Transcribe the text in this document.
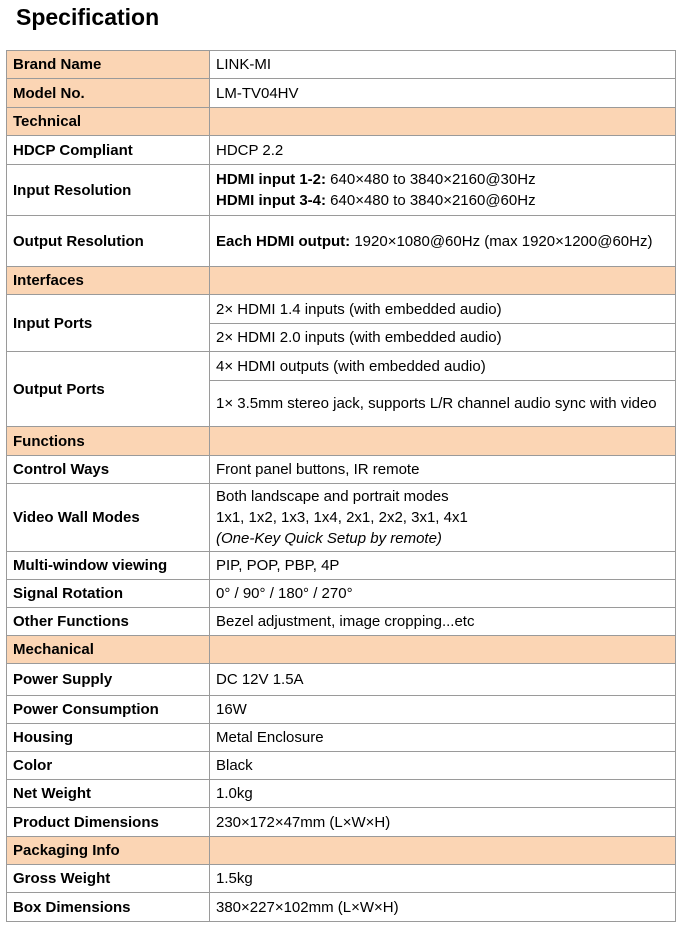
Specification
Brand Name	LINK-MI
Model No.	LM-TV04HV
Technical	
HDCP Compliant	HDCP 2.2
Input Resolution	HDMI input 1-2: 640×480 to 3840×2160@30Hz
HDMI input 3-4: 640×480 to 3840×2160@60Hz

Output Resolution	Each HDMI output: 1920×1080@60Hz (max 1920×1200@60Hz)
Interfaces	
Input Ports	2× HDMI 1.4 inputs (with embedded audio)
	2× HDMI 2.0 inputs (with embedded audio)
Output Ports	4× HDMI outputs (with embedded audio)
	1× 3.5mm stereo jack, supports L/R channel audio sync with video
Functions	
Control Ways	Front panel buttons, IR remote
Video Wall Modes	Both landscape and portrait modes
1x1, 1x2, 1x3, 1x4, 2x1, 2x2, 3x1, 4x1
(One-Key Quick Setup by remote)

Multi-window viewing	PIP, POP, PBP, 4P
Signal Rotation	0° / 90° / 180° / 270°
Other Functions	Bezel adjustment, image cropping...etc
Mechanical	
Power Supply	DC 12V 1.5A
Power Consumption	16W
Housing	Metal Enclosure
Color	Black
Net Weight	1.0kg
Product Dimensions	230×172×47mm (L×W×H)
Packaging Info	
Gross Weight	1.5kg
Box Dimensions	380×227×102mm (L×W×H)
